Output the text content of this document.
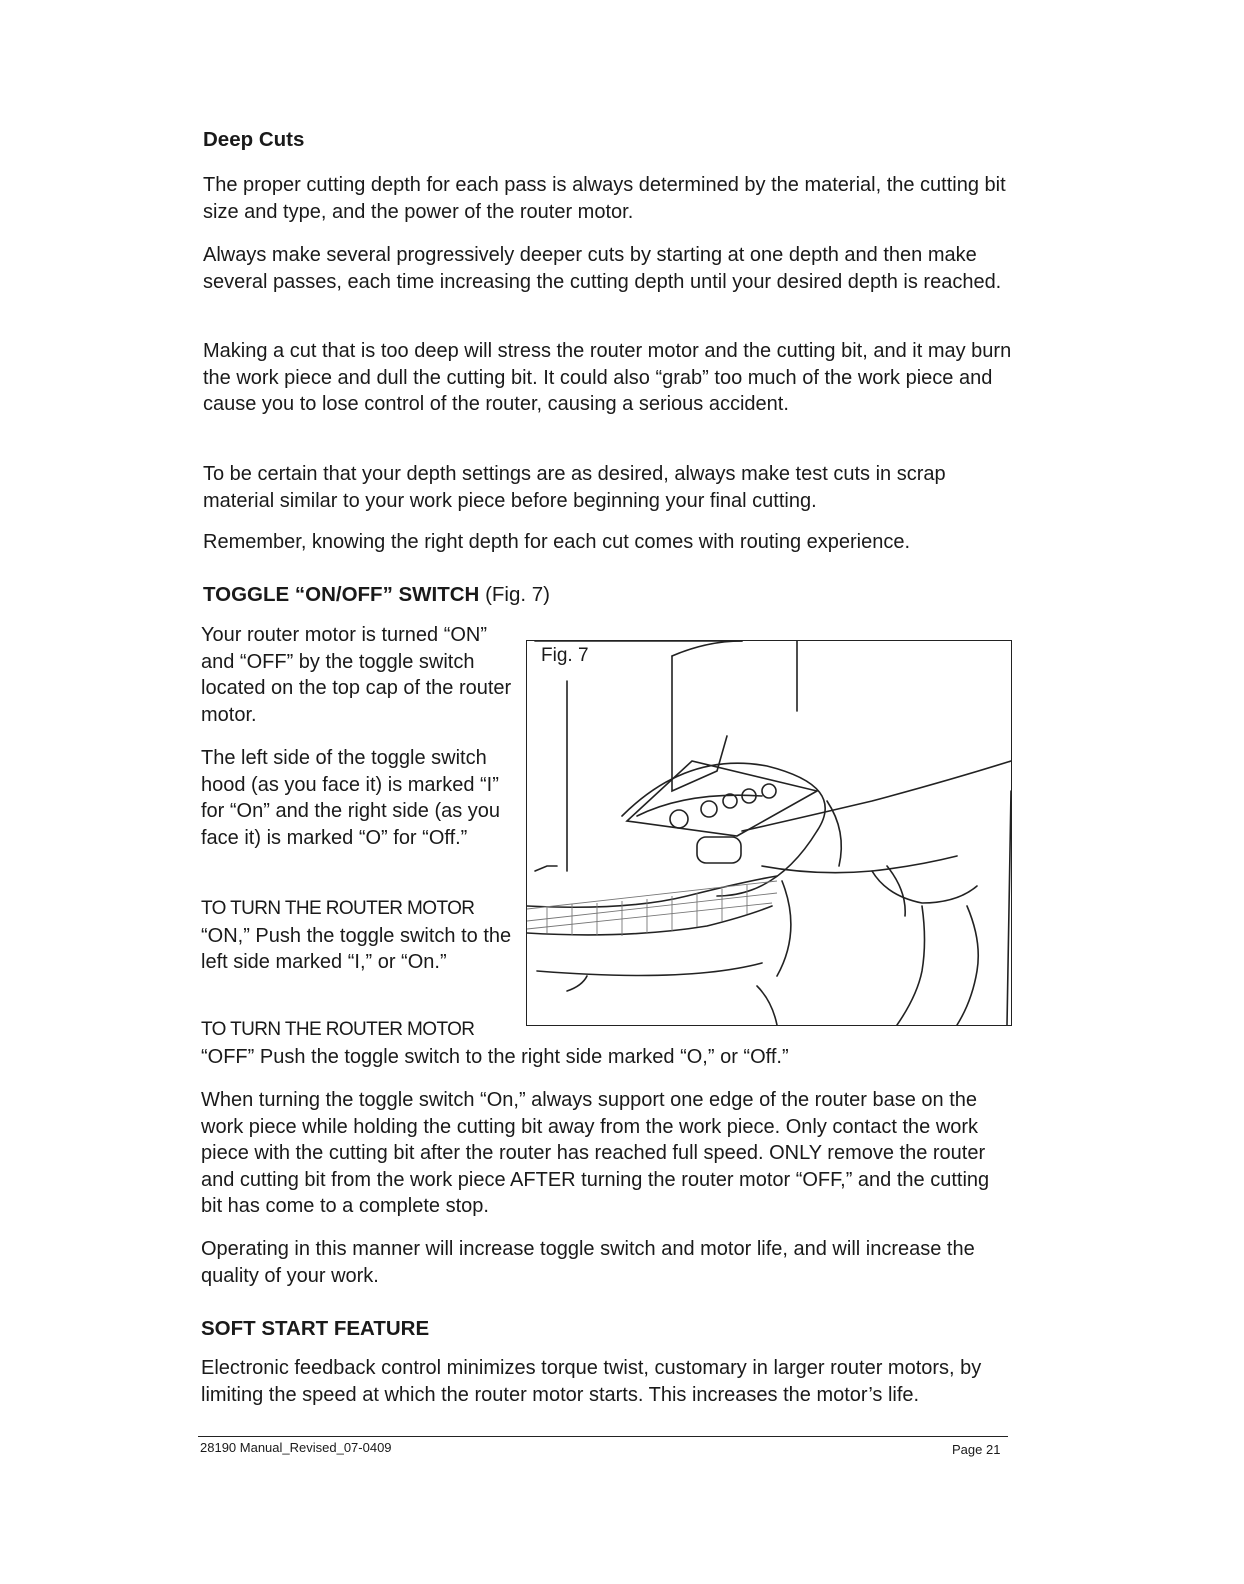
Deep Cuts

The proper cutting depth for each pass is always determined by the material, the cutting bit size and type, and the power of the router motor.

Always make several progressively deeper cuts by starting at one depth and then make several passes, each time increasing the cutting depth until your desired depth is reached.

Making a cut that is too deep will stress the router motor and the cutting bit, and it may burn the work piece and dull the cutting bit. It could also “grab” too much of the work piece and cause you to lose control of the router, causing a serious accident.

To be certain that your depth settings are as desired, always make test cuts in scrap material similar to your work piece before beginning your final cutting.

Remember, knowing the right depth for each cut comes with routing experience.

TOGGLE “ON/OFF” SWITCH (Fig. 7)

Your router motor is turned “ON” and “OFF” by the toggle switch located on the top cap of the router motor.

The left side of the toggle switch hood (as you face it) is marked “I” for “On” and the right side (as you face it) is marked “O” for “Off.”

TO TURN THE ROUTER MOTOR “ON,” Push the toggle switch to the left side marked “I,” or “On.”

TO TURN THE ROUTER MOTOR
“OFF” Push the toggle switch to the right side marked “O,” or “Off.”

Fig. 7

When turning the toggle switch “On,” always support one edge of the router base on the work piece while holding the cutting bit away from the work piece. Only contact the work piece with the cutting bit after the router has reached full speed. ONLY remove the router and cutting bit from the work piece AFTER turning the router motor “OFF,” and the cutting bit has come to a complete stop.

Operating in this manner will increase toggle switch and motor life, and will increase the quality of your work.

SOFT START FEATURE

Electronic feedback control minimizes torque twist, customary in larger router motors, by limiting the speed at which the router motor starts. This increases the motor’s life.

28190 Manual_Revised_07-0409	Page 21
